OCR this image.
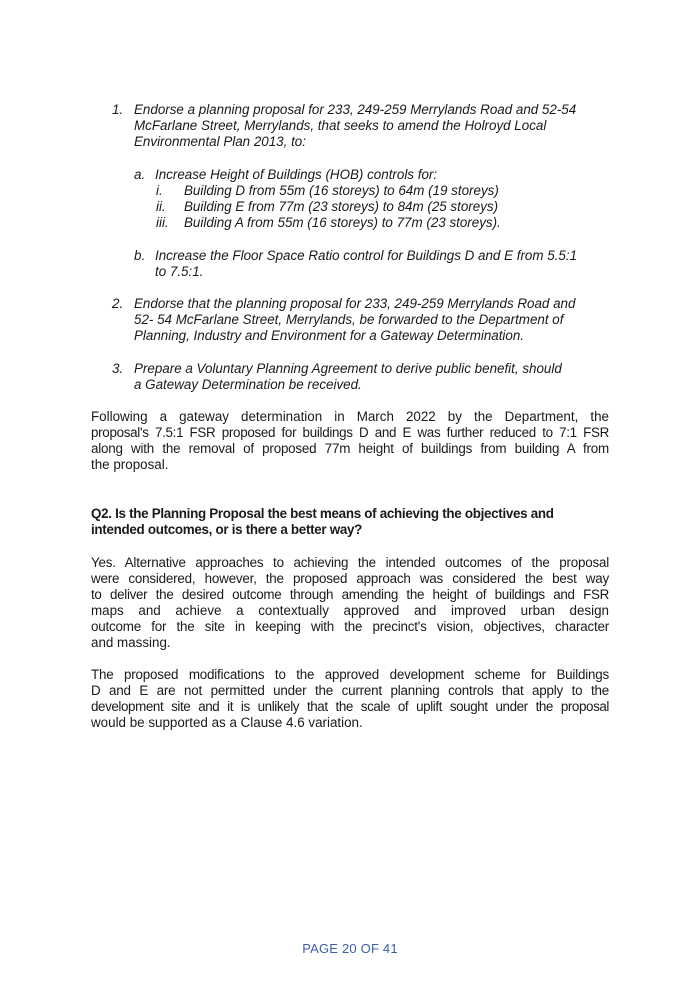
1. Endorse a planning proposal for 233, 249-259 Merrylands Road and 52-54
McFarlane Street, Merrylands, that seeks to amend the Holroyd Local
Environmental Plan 2013, to:
a. Increase Height of Buildings (HOB) controls for:
i. Building D from 55m (16 storeys) to 64m (19 storeys)
ii. Building E from 77m (23 storeys) to 84m (25 storeys)
iii. Building A from 55m (16 storeys) to 77m (23 storeys).
b. Increase the Floor Space Ratio control for Buildings D and E from 5.5:1
to 7.5:1.
2. Endorse that the planning proposal for 233, 249-259 Merrylands Road and
52- 54 McFarlane Street, Merrylands, be forwarded to the Department of
Planning, Industry and Environment for a Gateway Determination.
3. Prepare a Voluntary Planning Agreement to derive public benefit, should
a Gateway Determination be received.
Following a gateway determination in March 2022 by the Department, the
proposal's 7.5:1 FSR proposed for buildings D and E was further reduced to 7:1 FSR
along with the removal of proposed 77m height of buildings from building A from
the proposal.
Q2. Is the Planning Proposal the best means of achieving the objectives and
intended outcomes, or is there a better way?
Yes. Alternative approaches to achieving the intended outcomes of the proposal
were considered, however, the proposed approach was considered the best way
to deliver the desired outcome through amending the height of buildings and FSR
maps and achieve a contextually approved and improved urban design
outcome for the site in keeping with the precinct's vision, objectives, character
and massing.
The proposed modifications to the approved development scheme for Buildings
D and E are not permitted under the current planning controls that apply to the
development site and it is unlikely that the scale of uplift sought under the proposal
would be supported as a Clause 4.6 variation.
PAGE 20 OF 41
